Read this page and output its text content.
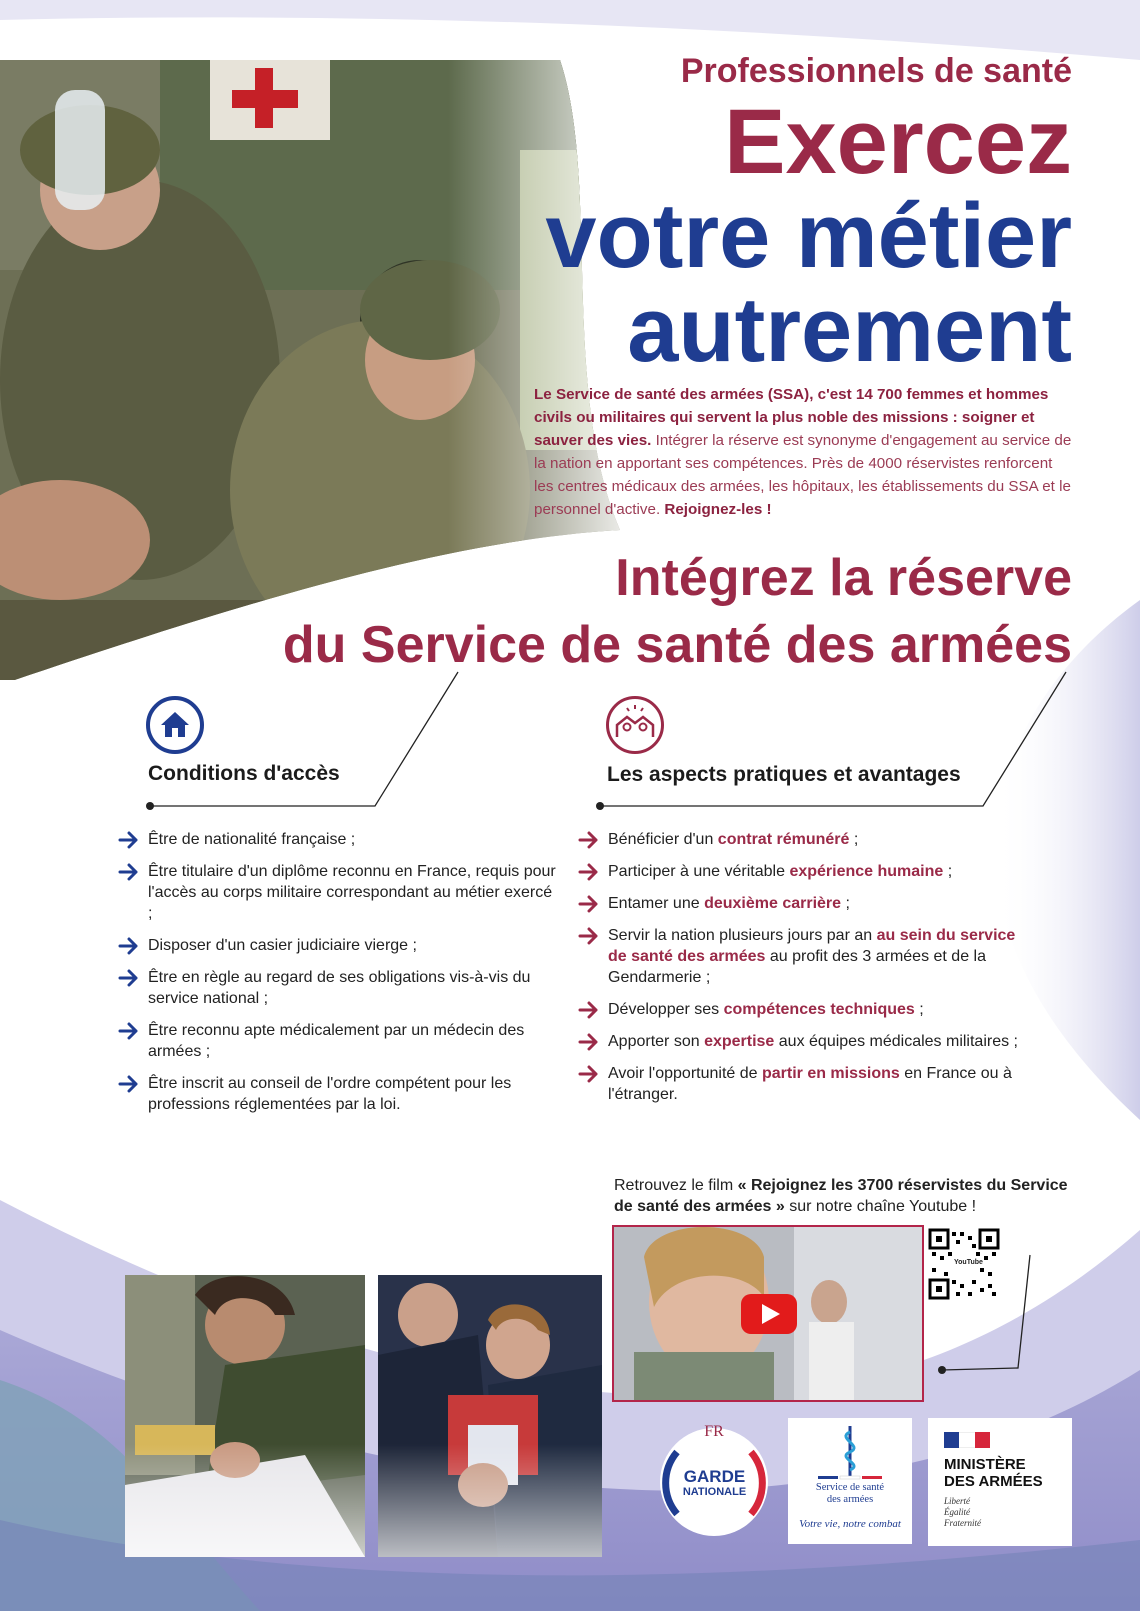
Professionnels de santé
Exercez
votre métier
autrement
Le Service de santé des armées (SSA), c'est 14 700 femmes et hommes civils ou militaires qui servent la plus noble des missions : soigner et sauver des vies. Intégrer la réserve est synonyme d'engagement au service de la nation en apportant ses compétences. Près de 4000 réservistes renforcent les centres médicaux des armées, les hôpitaux, les établissements du SSA et le personnel d'active. Rejoignez-les !
Intégrez la réserve
du Service de santé des armées
Conditions d'accès
Être de nationalité française ;
Être titulaire d'un diplôme reconnu en France, requis pour l'accès au corps militaire correspondant au métier exercé ;
Disposer d'un casier judiciaire vierge ;
Être en règle au regard de ses obligations vis-à-vis du service national ;
Être reconnu apte médicalement par un médecin des armées ;
Être inscrit au conseil de l'ordre compétent pour les professions réglementées par la loi.
Les aspects pratiques et avantages
Bénéficier d'un contrat rémunéré ;
Participer à une véritable expérience humaine ;
Entamer une deuxième carrière ;
Servir la nation plusieurs jours par an au sein du service de santé des armées au profit des 3 armées et de la Gendarmerie ;
Développer ses compétences techniques ;
Apporter son expertise aux équipes médicales militaires ;
Avoir l'opportunité de partir en missions en France ou à l'étranger.
Retrouvez le film « Rejoignez les 3700 réservistes du Service de santé des armées » sur notre chaîne Youtube !
YouTube
FR
GARDE
NATIONALE	Service de santé
des armées
Votre vie, notre combat
MINISTÈRE
DES ARMÉES
Liberté
Égalité
Fraternité
